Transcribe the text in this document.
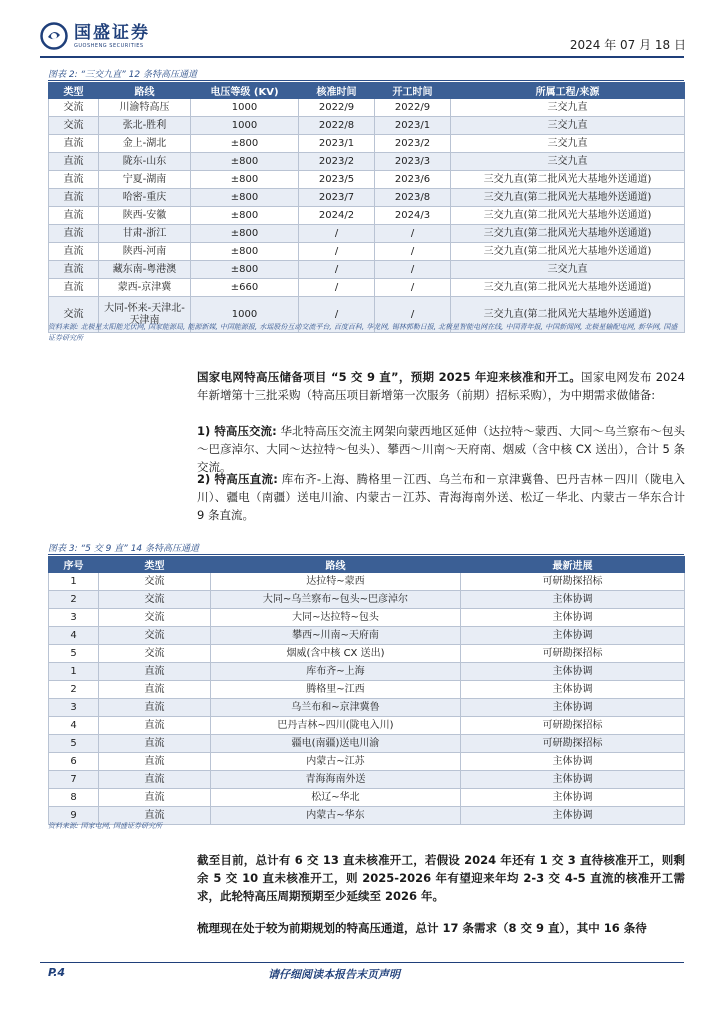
国盛证券
GUOSHENG SECURITIES	2024 年 07 月 18 日
图表 2: “三交九直” 12 条特高压通道
类型	路线	电压等级 (KV)	核准时间	开工时间	所属工程/来源
交流	川渝特高压	1000	2022/9	2022/9	三交九直
交流	张北-胜利	1000	2022/8	2023/1	三交九直
直流	金上-湖北	±800	2023/1	2023/2	三交九直
直流	陇东-山东	±800	2023/2	2023/3	三交九直
直流	宁夏-湖南	±800	2023/5	2023/6	三交九直(第二批风光大基地外送通道)
直流	哈密-重庆	±800	2023/7	2023/8	三交九直(第二批风光大基地外送通道)
直流	陕西-安徽	±800	2024/2	2024/3	三交九直(第二批风光大基地外送通道)
直流	甘肃-浙江	±800	/	/	三交九直(第二批风光大基地外送通道)
直流	陕西-河南	±800	/	/	三交九直(第二批风光大基地外送通道)
直流	藏东南-粤港澳	±800	/	/	三交九直
直流	蒙西-京津冀	±660	/	/	三交九直(第二批风光大基地外送通道)
交流	大同-怀来-天津北-天津南	1000	/	/	三交九直(第二批风光大基地外送通道)
资料来源: 北极星太阳能光伏网, 国家能源局, 能源新媒, 中国能源报, 水瑶股份互动交流平台, 百度百科, 华龙网, 锡林郭勒日报, 北极星智能电网在线, 中国青年报, 中国新闻网, 北极星输配电网, 新华网, 国盛证券研究所
国家电网特高压储备项目 “5 交 9 直”，预期 2025 年迎来核准和开工。国家电网发布 2024 年新增第十三批采购（特高压项目新增第一次服务（前期）招标采购），为中期需求做储备:
1) 特高压交流: 华北特高压交流主网架向蒙西地区延伸（达拉特～蒙西、大同～乌兰察布～包头～巴彦淖尔、大同～达拉特～包头）、攀西～川南～天府南、烟威（含中核 CX 送出），合计 5 条交流。
2) 特高压直流: 库布齐-上海、腾格里－江西、乌兰布和－京津冀鲁、巴丹吉林－四川（陇电入川）、疆电（南疆）送电川渝、内蒙古－江苏、青海海南外送、松辽－华北、内蒙古－华东合计 9 条直流。
图表 3: “5 交 9 直” 14 条特高压通道
序号	类型	路线	最新进展
1	交流	达拉特~蒙西	可研勘探招标
2	交流	大同~乌兰察布~包头~巴彦淖尔	主体协调
3	交流	大同~达拉特~包头	主体协调
4	交流	攀西~川南~天府南	主体协调
5	交流	烟威(含中核 CX 送出)	可研勘探招标
1	直流	库布齐~上海	主体协调
2	直流	腾格里~江西	主体协调
3	直流	乌兰布和~京津冀鲁	主体协调
4	直流	巴丹吉林~四川(陇电入川)	可研勘探招标
5	直流	疆电(南疆)送电川渝	可研勘探招标
6	直流	内蒙古~江苏	主体协调
7	直流	青海海南外送	主体协调
8	直流	松辽~华北	主体协调
9	直流	内蒙古~华东	主体协调
资料来源: 国家电网, 国盛证券研究所
截至目前，总计有 6 交 13 直未核准开工，若假设 2024 年还有 1 交 3 直待核准开工，则剩余 5 交 10 直未核准开工，则 2025-2026 年有望迎来年均 2-3 交 4-5 直流的核准开工需求，此轮特高压周期预期至少延续至 2026 年。
梳理现在处于较为前期规划的特高压通道，总计 17 条需求（8 交 9 直），其中 16 条待
P.4	请仔细阅读本报告末页声明
